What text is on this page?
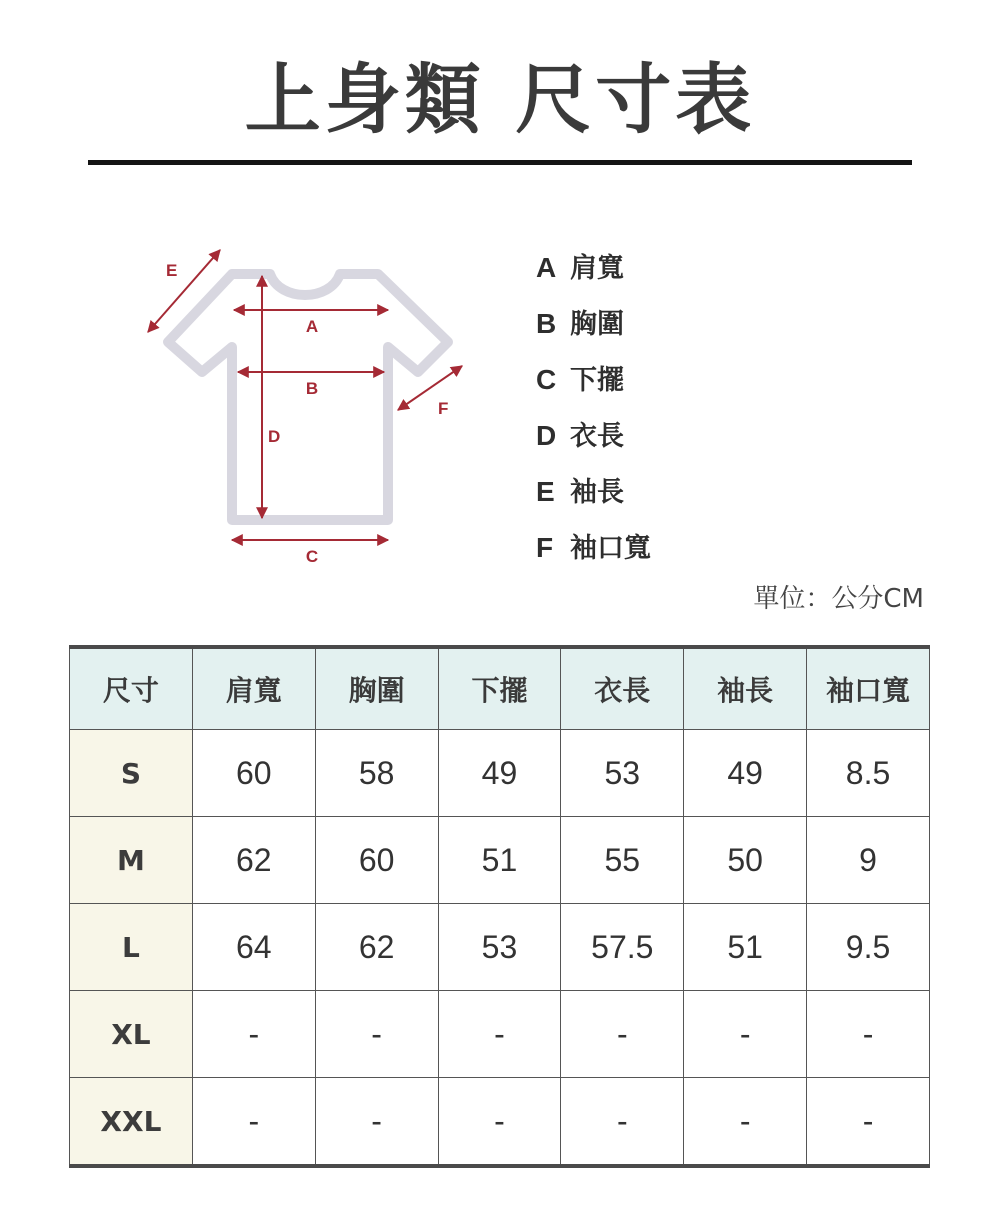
上身類 尺寸表
A
B
D
C
E
F
A 肩寬
B 胸圍
C 下擺
D 衣長
E 袖長
F 袖口寬
單位：公分CM
尺寸	肩寬	胸圍	下擺	衣長	袖長	袖口寬
S	60	58	49	53	49	8.5
M	62	60	51	55	50	9
L	64	62	53	57.5	51	9.5
XL	-	-	-	-	-	-
XXL	-	-	-	-	-	-
